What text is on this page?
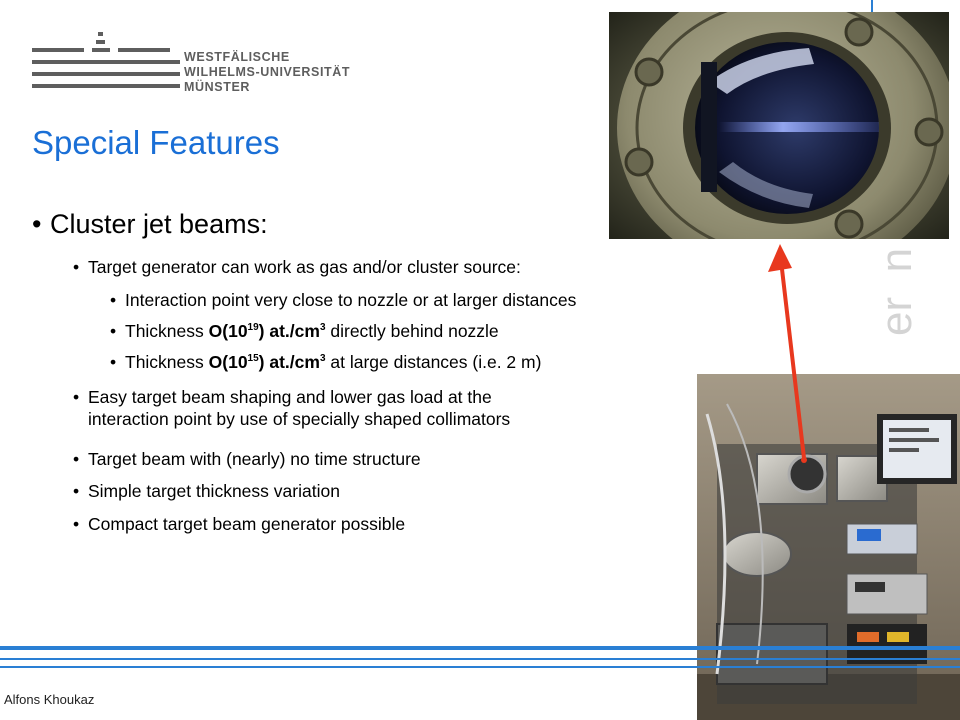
WESTFÄLISCHE
WILHELMS-UNIVERSITÄT
MÜNSTER
Special Features
• Cluster jet beams:
• Target generator can work as gas and/or cluster source:
• Interaction point very close to nozzle or at larger distances
• Thickness $O(10^{19})$ $at./cm^3$ directly behind nozzle
• Thickness $O(10^{15})$ $at./cm^3$ at large distances (i.e. 2 m)
• Easy target beam shaping and lower gas load at the
interaction point by use of specially shaped collimators
• Target beam with (nearly) no time structure
• Simple target thickness variation
• Compact target beam generator possible
er  n
Alfons Khoukaz
